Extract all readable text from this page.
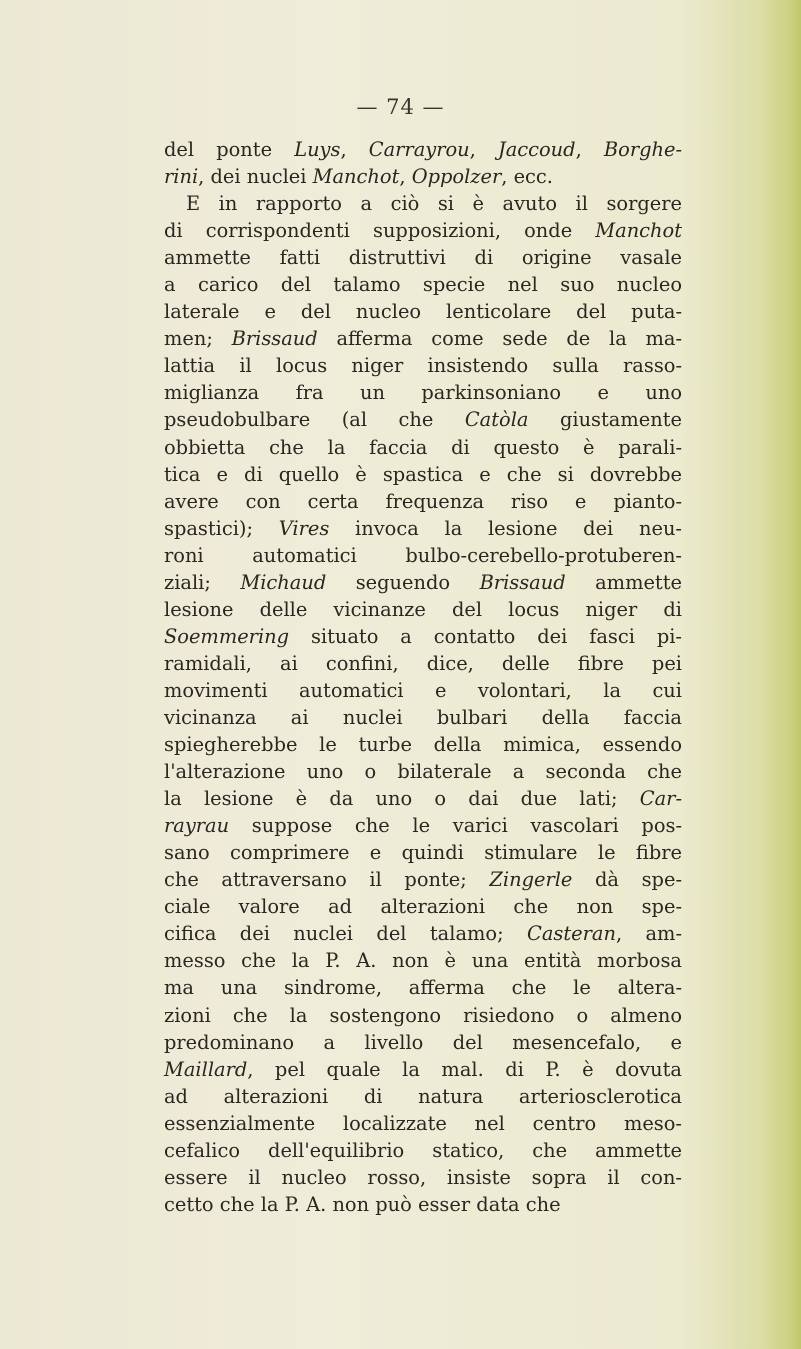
— 74 —
del ponte Luys, Carrayrou, Jaccoud, Borghe-
rini, dei nuclei Manchot, Oppolzer, ecc.
E in rapporto a ciò si è avuto il sorgere
di corrispondenti supposizioni, onde Manchot
ammette fatti distruttivi di origine vasale
a carico del talamo specie nel suo nucleo
laterale e del nucleo lenticolare del puta-
men; Brissaud afferma come sede de la ma-
lattia il locus niger insistendo sulla rasso-
miglianza fra un parkinsoniano e uno
pseudobulbare (al che Catòla giustamente
obbietta che la faccia di questo è parali-
tica e di quello è spastica e che si dovrebbe
avere con certa frequenza riso e pianto-
spastici); Vires invoca la lesione dei neu-
roni automatici bulbo-cerebello-protuberen-
ziali; Michaud seguendo Brissaud ammette
lesione delle vicinanze del locus niger di
Soemmering situato a contatto dei fasci pi-
ramidali, ai confini, dice, delle fibre pei
movimenti automatici e volontari, la cui
vicinanza ai nuclei bulbari della faccia
spiegherebbe le turbe della mimica, essendo
l'alterazione uno o bilaterale a seconda che
la lesione è da uno o dai due lati; Car-
rayrau suppose che le varici vascolari pos-
sano comprimere e quindi stimulare le fibre
che attraversano il ponte; Zingerle dà spe-
ciale valore ad alterazioni che non spe-
cifica dei nuclei del talamo; Casteran, am-
messo che la P. A. non è una entità morbosa
ma una sindrome, afferma che le altera-
zioni che la sostengono risiedono o almeno
predominano a livello del mesencefalo, e
Maillard, pel quale la mal. di P. è dovuta
ad alterazioni di natura arteriosclerotica
essenzialmente localizzate nel centro meso-
cefalico dell'equilibrio statico, che ammette
essere il nucleo rosso, insiste sopra il con-
cetto che la P. A. non può esser data che
